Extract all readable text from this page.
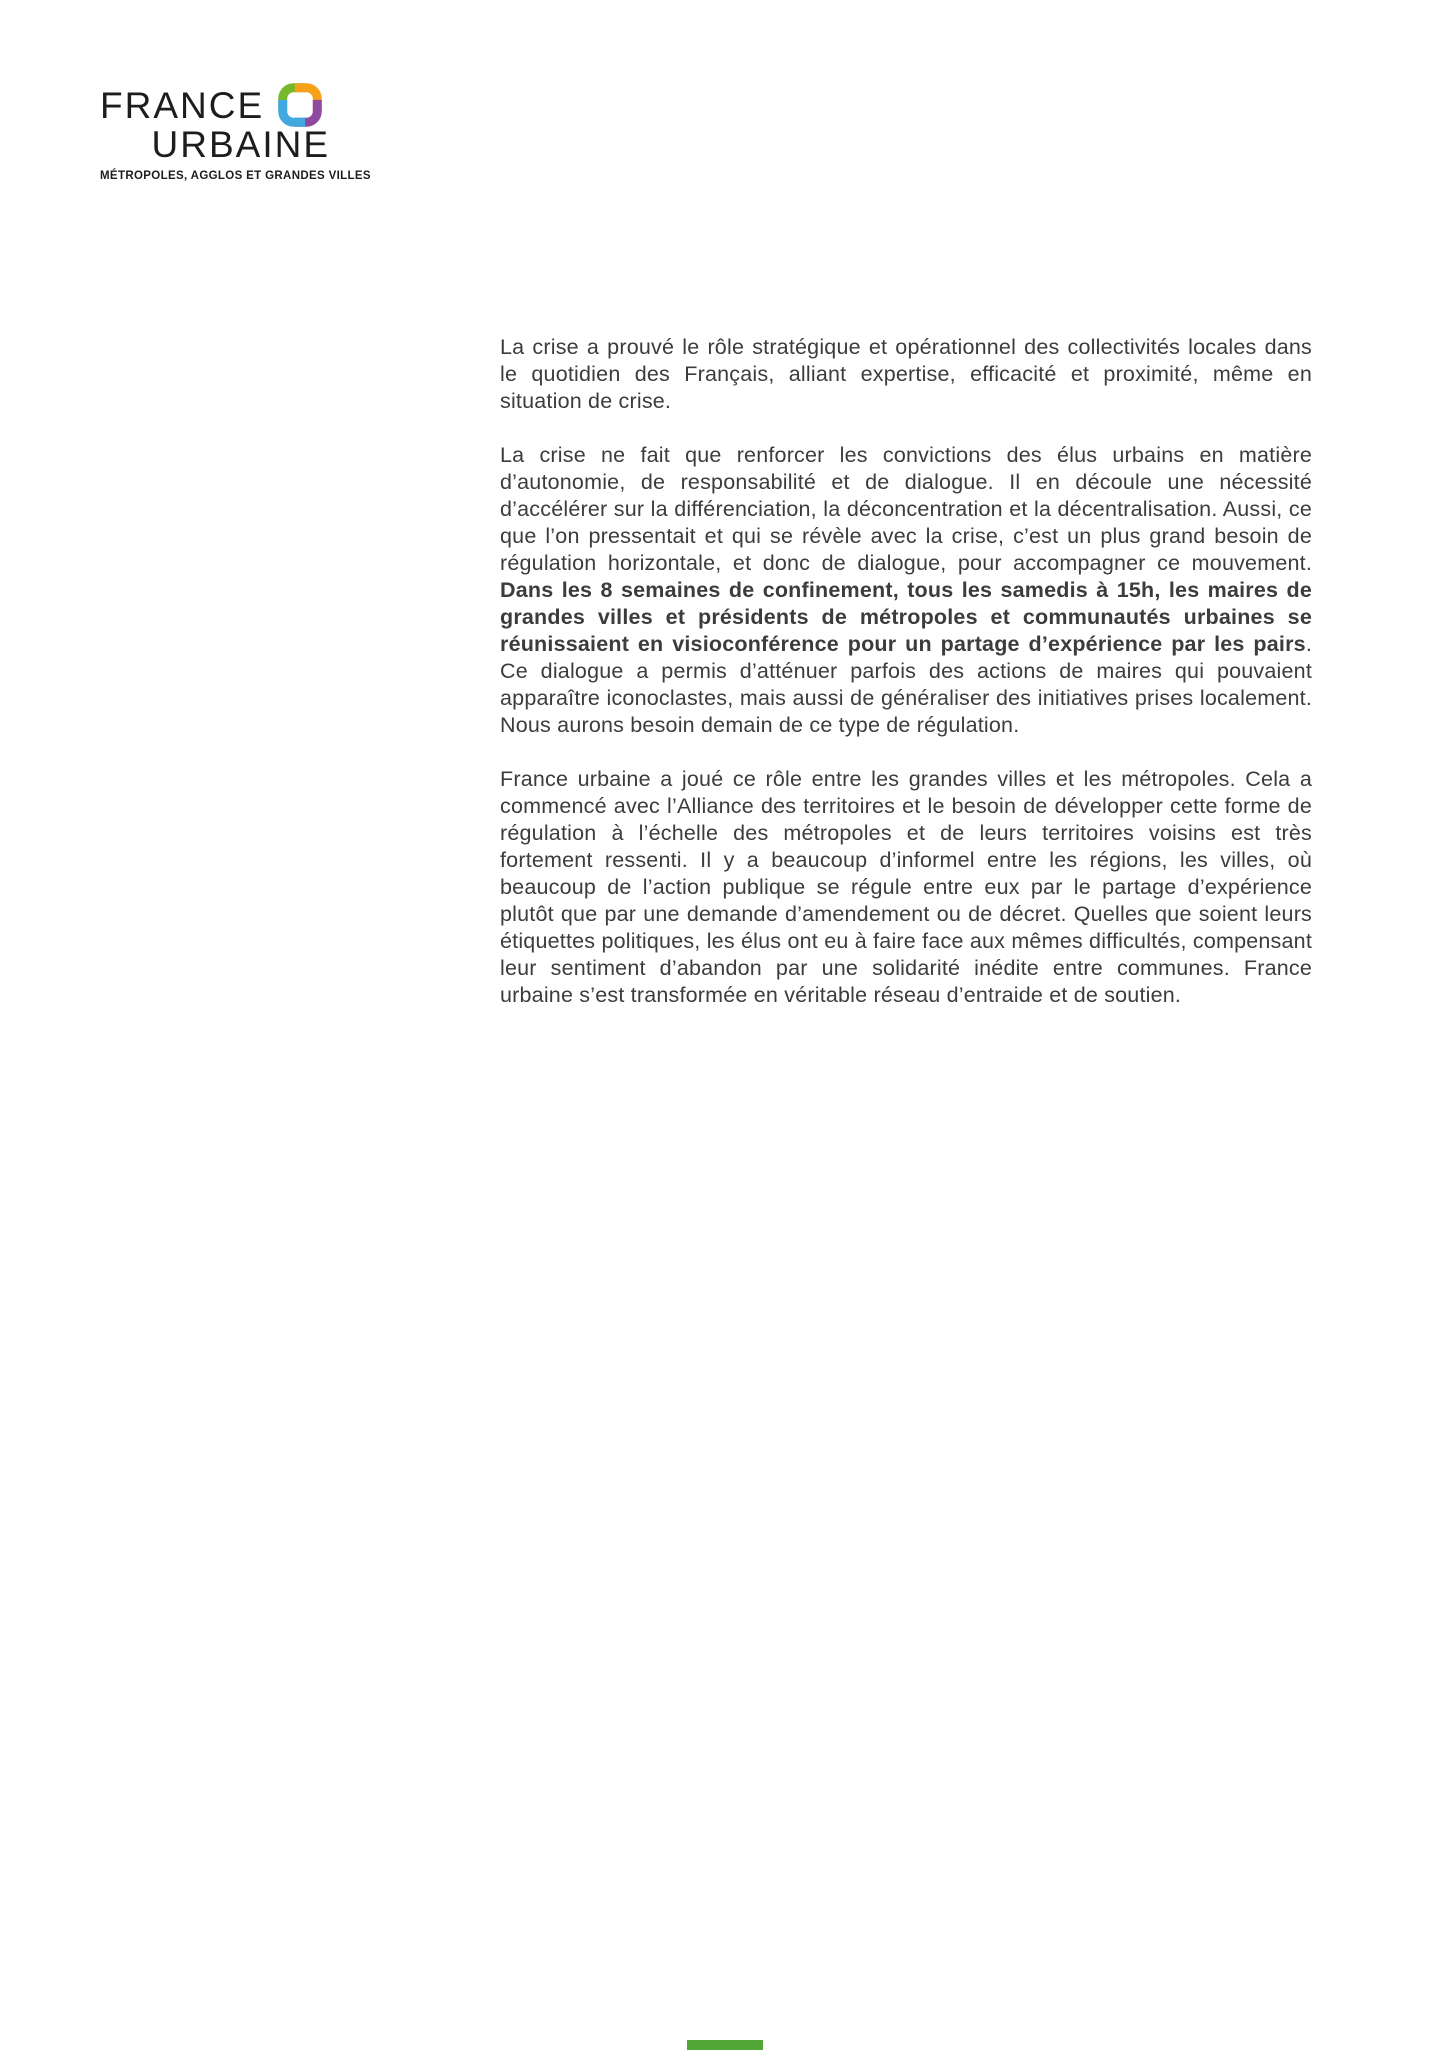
FRANCE
URBAINE
MÉTROPOLES, AGGLOS ET GRANDES VILLES

La crise a prouvé le rôle stratégique et opérationnel des collectivités locales dans le quotidien des Français, alliant expertise, efficacité et proximité, même en situation de crise.

La crise ne fait que renforcer les convictions des élus urbains en matière d’autonomie, de responsabilité et de dialogue. Il en découle une nécessité d’accélérer sur la différenciation, la déconcentration et la décentralisation. Aussi, ce que l’on pressentait et qui se révèle avec la crise, c’est un plus grand besoin de régulation horizontale, et donc de dialogue, pour accompagner ce mouvement. Dans les 8 semaines de confinement, tous les samedis à 15h, les maires de grandes villes et présidents de métropoles et communautés urbaines se réunissaient en visioconférence pour un partage d’expérience par les pairs. Ce dialogue a permis d’atténuer parfois des actions de maires qui pouvaient apparaître iconoclastes, mais aussi de généraliser des initiatives prises localement. Nous aurons besoin demain de ce type de régulation.

France urbaine a joué ce rôle entre les grandes villes et les métropoles. Cela a commencé avec l’Alliance des territoires et le besoin de développer cette forme de régulation à l’échelle des métropoles et de leurs territoires voisins est très fortement ressenti. Il y a beaucoup d’informel entre les régions, les villes, où beaucoup de l’action publique se régule entre eux par le partage d’expérience plutôt que par une demande d’amendement ou de décret. Quelles que soient leurs étiquettes politiques, les élus ont eu à faire face aux mêmes difficultés, compensant leur sentiment d’abandon par une solidarité inédite entre communes. France urbaine s’est transformée en véritable réseau d’entraide et de soutien.
